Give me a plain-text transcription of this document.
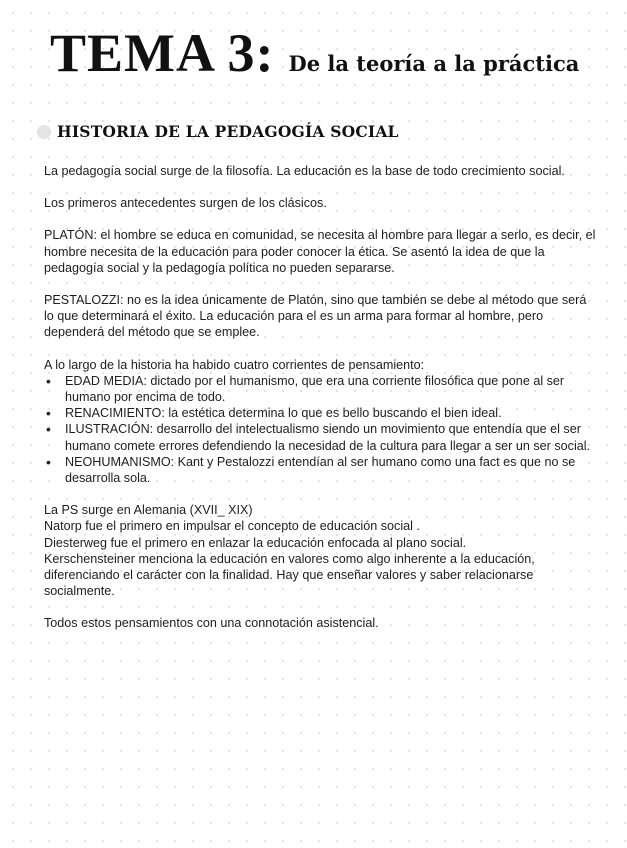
TEMA 3: De la teoría a la práctica
HISTORIA DE LA PEDAGOGÍA SOCIAL

La pedagogía social surge de la filosofía. La educación es la base de todo crecimiento social.

Los primeros antecedentes surgen de los clásicos.

PLATÓN: el hombre se educa en comunidad, se necesita al hombre para llegar a serlo, es decir, el hombre necesita de la educación para poder conocer la ética. Se asentó la idea de que la pedagogía social y la pedagogía política no pueden separarse.

PESTALOZZI: no es la idea únicamente de Platón, sino que también se debe al método que será lo que determinará el éxito. La educación para el es un arma para formar al hombre, pero dependerá del método que se emplee.

A lo largo de la historia ha habido cuatro corrientes de pensamiento:
• EDAD MEDIA: dictado por el humanismo, que era una corriente filosófica que pone al ser humano por encima de todo.
• RENACIMIENTO: la estética determina lo que es bello buscando el bien ideal.
• ILUSTRACIÓN: desarrollo del intelectualismo siendo un movimiento que entendía que el ser humano comete errores defendiendo la necesidad de la cultura para llegar a ser un ser social.
• NEOHUMANISMO: Kant y Pestalozzi entendían al ser humano como una fact es que no se desarrolla sola.
La PS surge en Alemania (XVII_ XIX)
Natorp fue el primero en impulsar el concepto de educación social .
Diesterweg fue el primero en enlazar la educación enfocada al plano social.
Kerschensteiner menciona la educación en valores como algo inherente a la educación, diferenciando el carácter con la finalidad. Hay que enseñar valores y saber relacionarse socialmente.
Todos estos pensamientos con una connotación asistencial.
